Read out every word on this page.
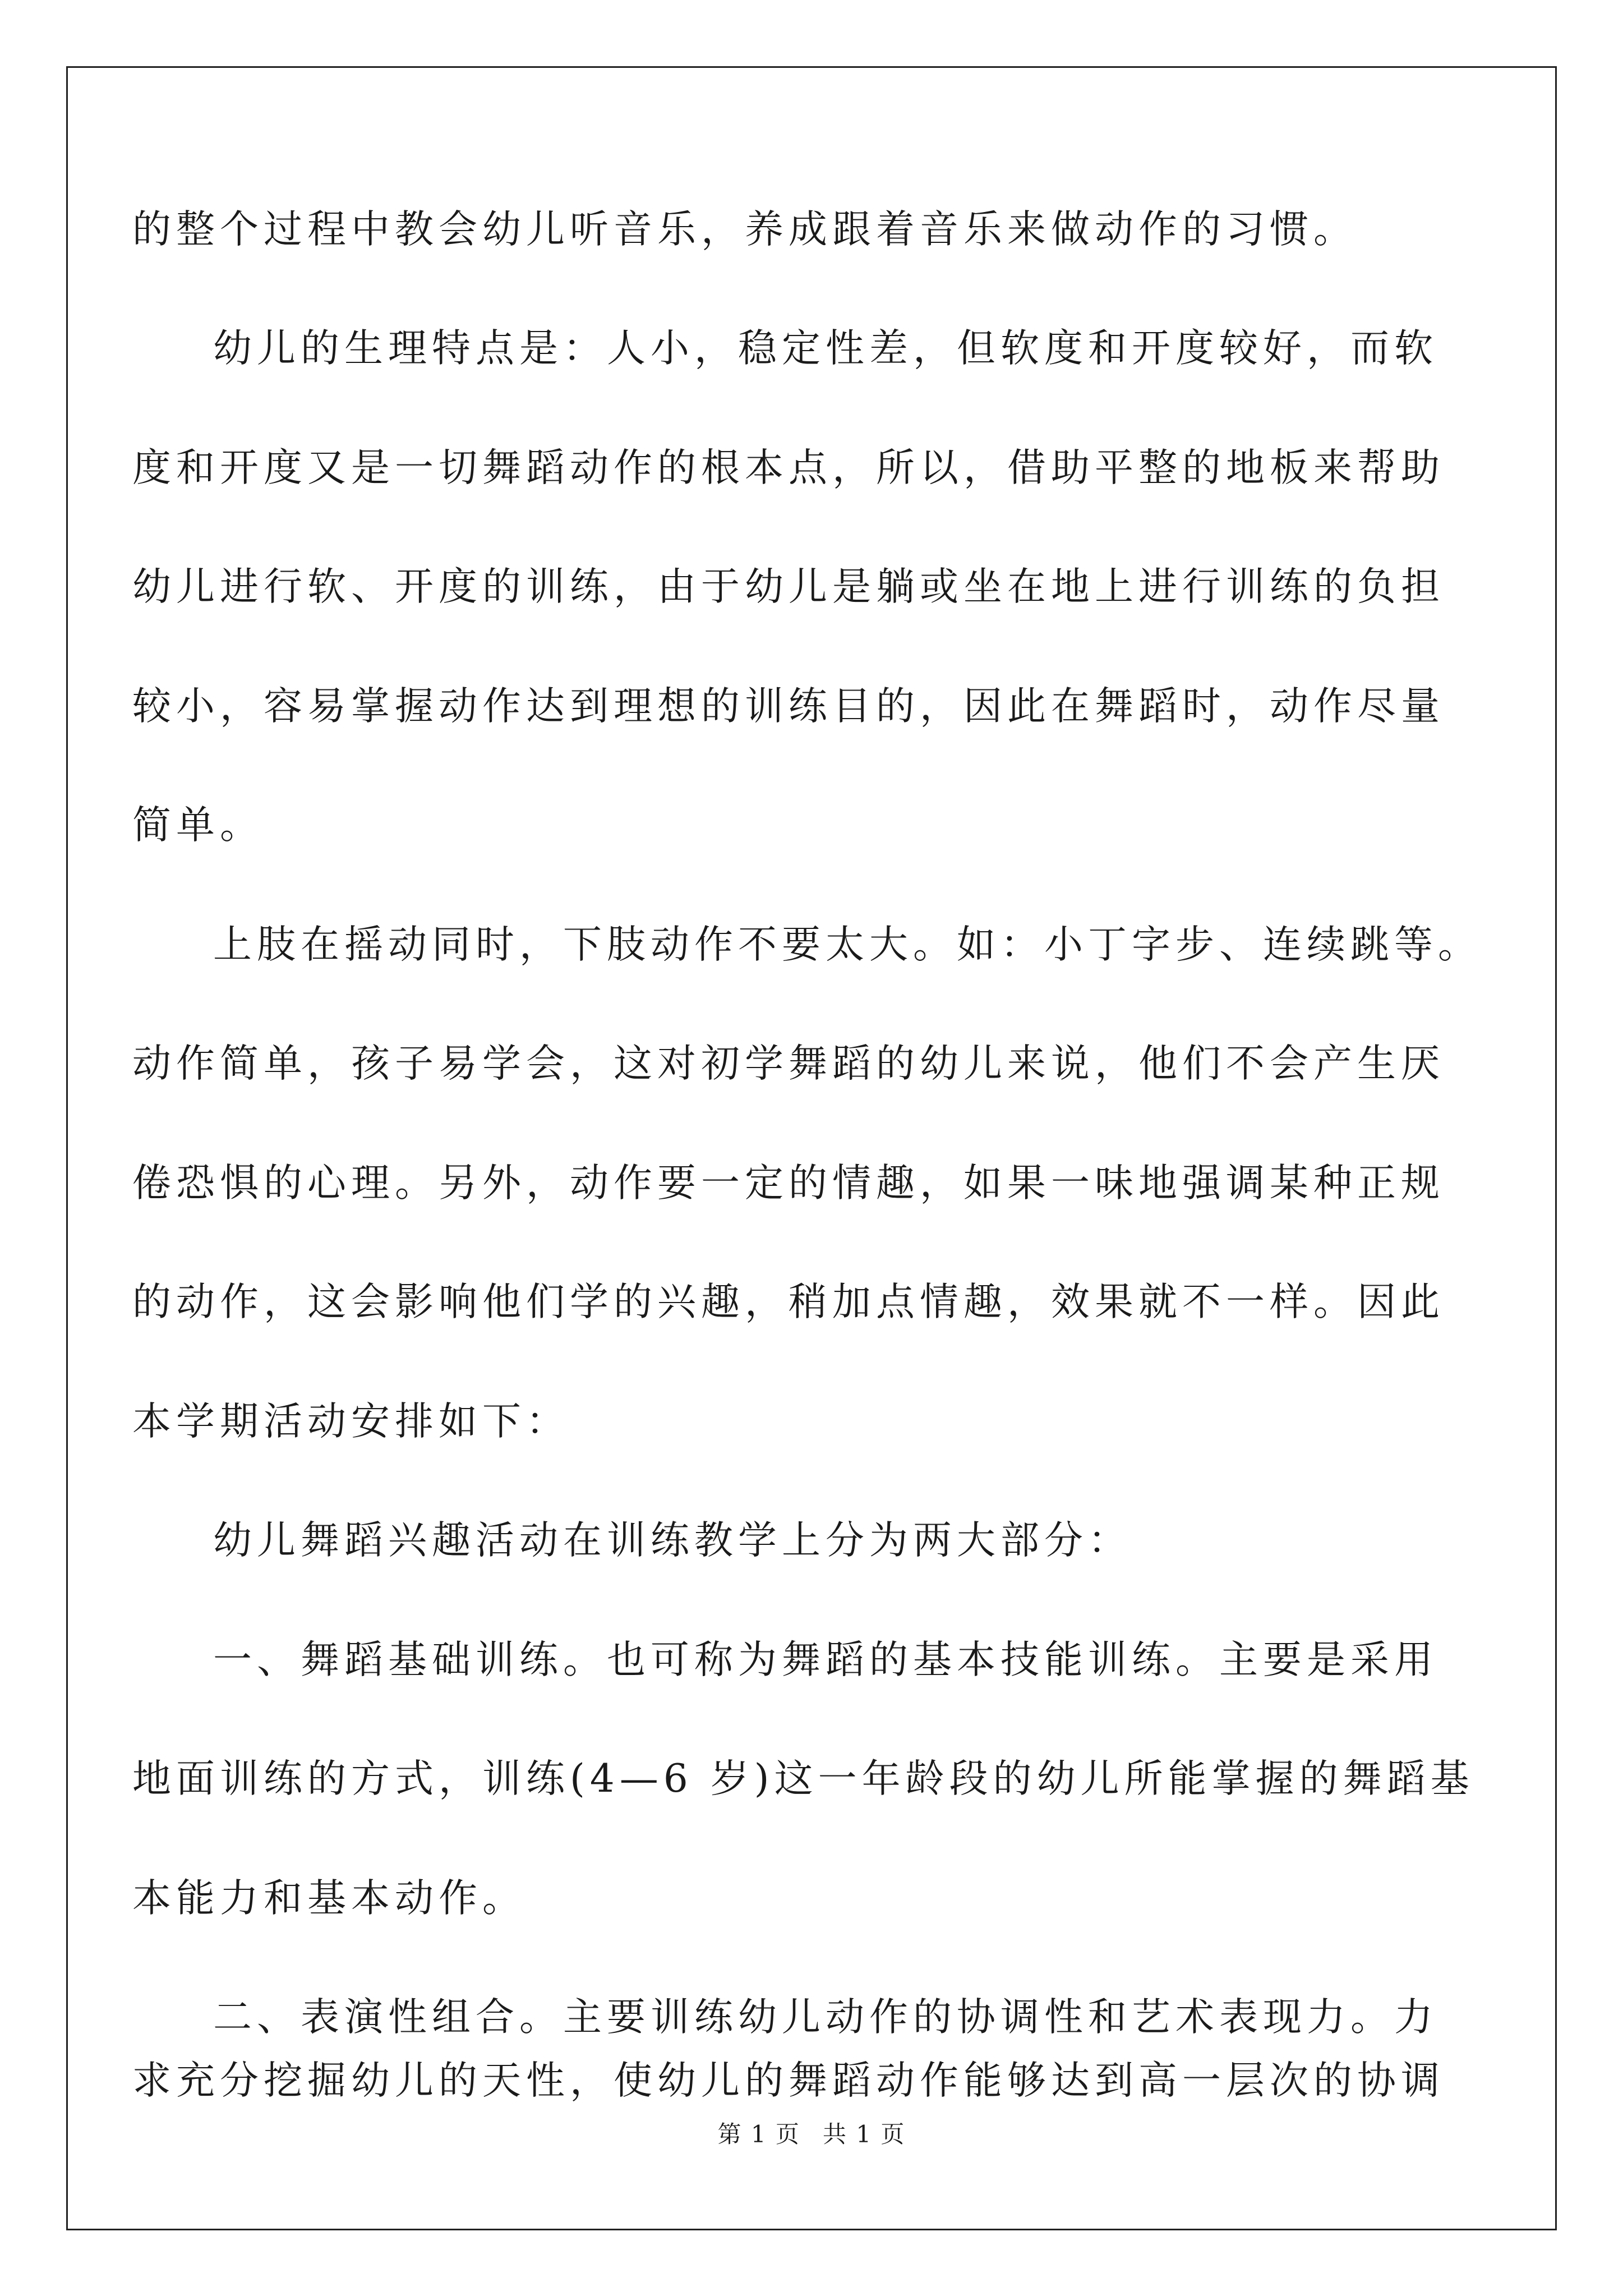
的整个过程中教会幼儿听音乐，养成跟着音乐来做动作的习惯。
幼儿的生理特点是：人小，稳定性差，但软度和开度较好，而软
度和开度又是一切舞蹈动作的根本点，所以，借助平整的地板来帮助
幼儿进行软、开度的训练，由于幼儿是躺或坐在地上进行训练的负担
较小，容易掌握动作达到理想的训练目的，因此在舞蹈时，动作尽量
简单。
上肢在摇动同时，下肢动作不要太大。如：小丁字步、连续跳等。
动作简单，孩子易学会，这对初学舞蹈的幼儿来说，他们不会产生厌
倦恐惧的心理。另外，动作要一定的情趣，如果一味地强调某种正规
的动作，这会影响他们学的兴趣，稍加点情趣，效果就不一样。因此
本学期活动安排如下：
幼儿舞蹈兴趣活动在训练教学上分为两大部分：
一、舞蹈基础训练。也可称为舞蹈的基本技能训练。主要是采用
地面训练的方式，训练(4—6 岁)这一年龄段的幼儿所能掌握的舞蹈基
本能力和基本动作。
二、表演性组合。主要训练幼儿动作的协调性和艺术表现力。力
求充分挖掘幼儿的天性，使幼儿的舞蹈动作能够达到高一层次的协调
第 1 页 共 1 页
